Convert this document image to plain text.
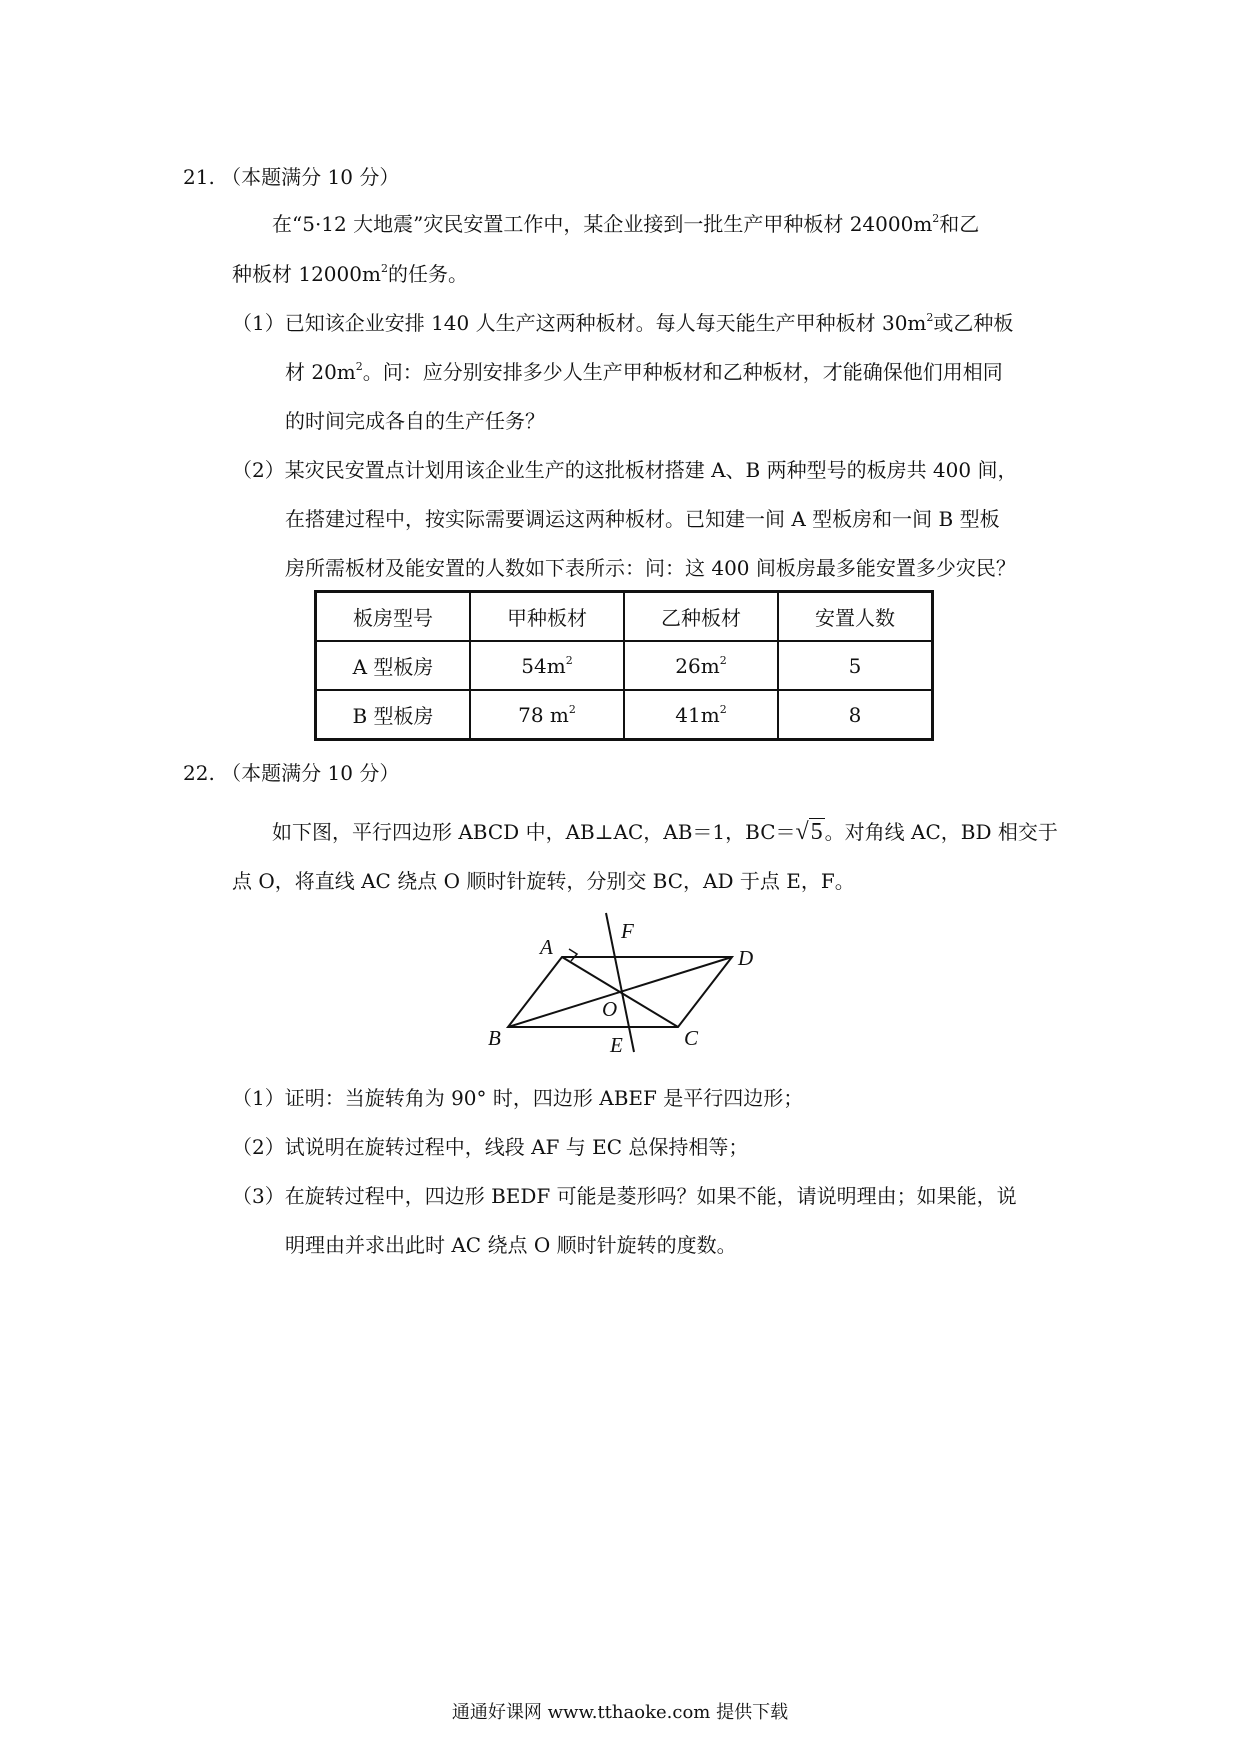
21. （本题满分 10 分）
在“5·12 大地震”灾民安置工作中，某企业接到一批生产甲种板材 $24000m^2$和乙
种板材 $12000m^2$的任务。
（1）已知该企业安排 140 人生产这两种板材。每人每天能生产甲种板材 $30m^2$或乙种板
材 $20m^2$。问：应分别安排多少人生产甲种板材和乙种板材，才能确保他们用相同
的时间完成各自的生产任务？
（2）某灾民安置点计划用该企业生产的这批板材搭建 A、B 两种型号的板房共 400 间，
在搭建过程中，按实际需要调运这两种板材。已知建一间 A 型板房和一间 B 型板
房所需板材及能安置的人数如下表所示：问：这 400 间板房最多能安置多少灾民？
板房型号	甲种板材	乙种板材	安置人数
A 型板房	$54m^2$	$26m^2$	5
B 型板房	78 $m^2$	$41m^2$	8
22. （本题满分 10 分）
如下图，平行四边形 ABCD 中，AB⊥AC，AB＝1，BC＝√5 。对角线 AC，BD 相交于
点 O，将直线 AC 绕点 O 顺时针旋转，分别交 BC，AD 于点 E，F。
A
F
D
O
B	E	C
（1）证明：当旋转角为 90° 时，四边形 ABEF 是平行四边形；
（2）试说明在旋转过程中，线段 AF 与 EC 总保持相等；
（3）在旋转过程中，四边形 BEDF 可能是菱形吗？如果不能，请说明理由；如果能，说
明理由并求出此时 AC 绕点 O 顺时针旋转的度数。
通通好课网 www.tthaoke.com 提供下载
